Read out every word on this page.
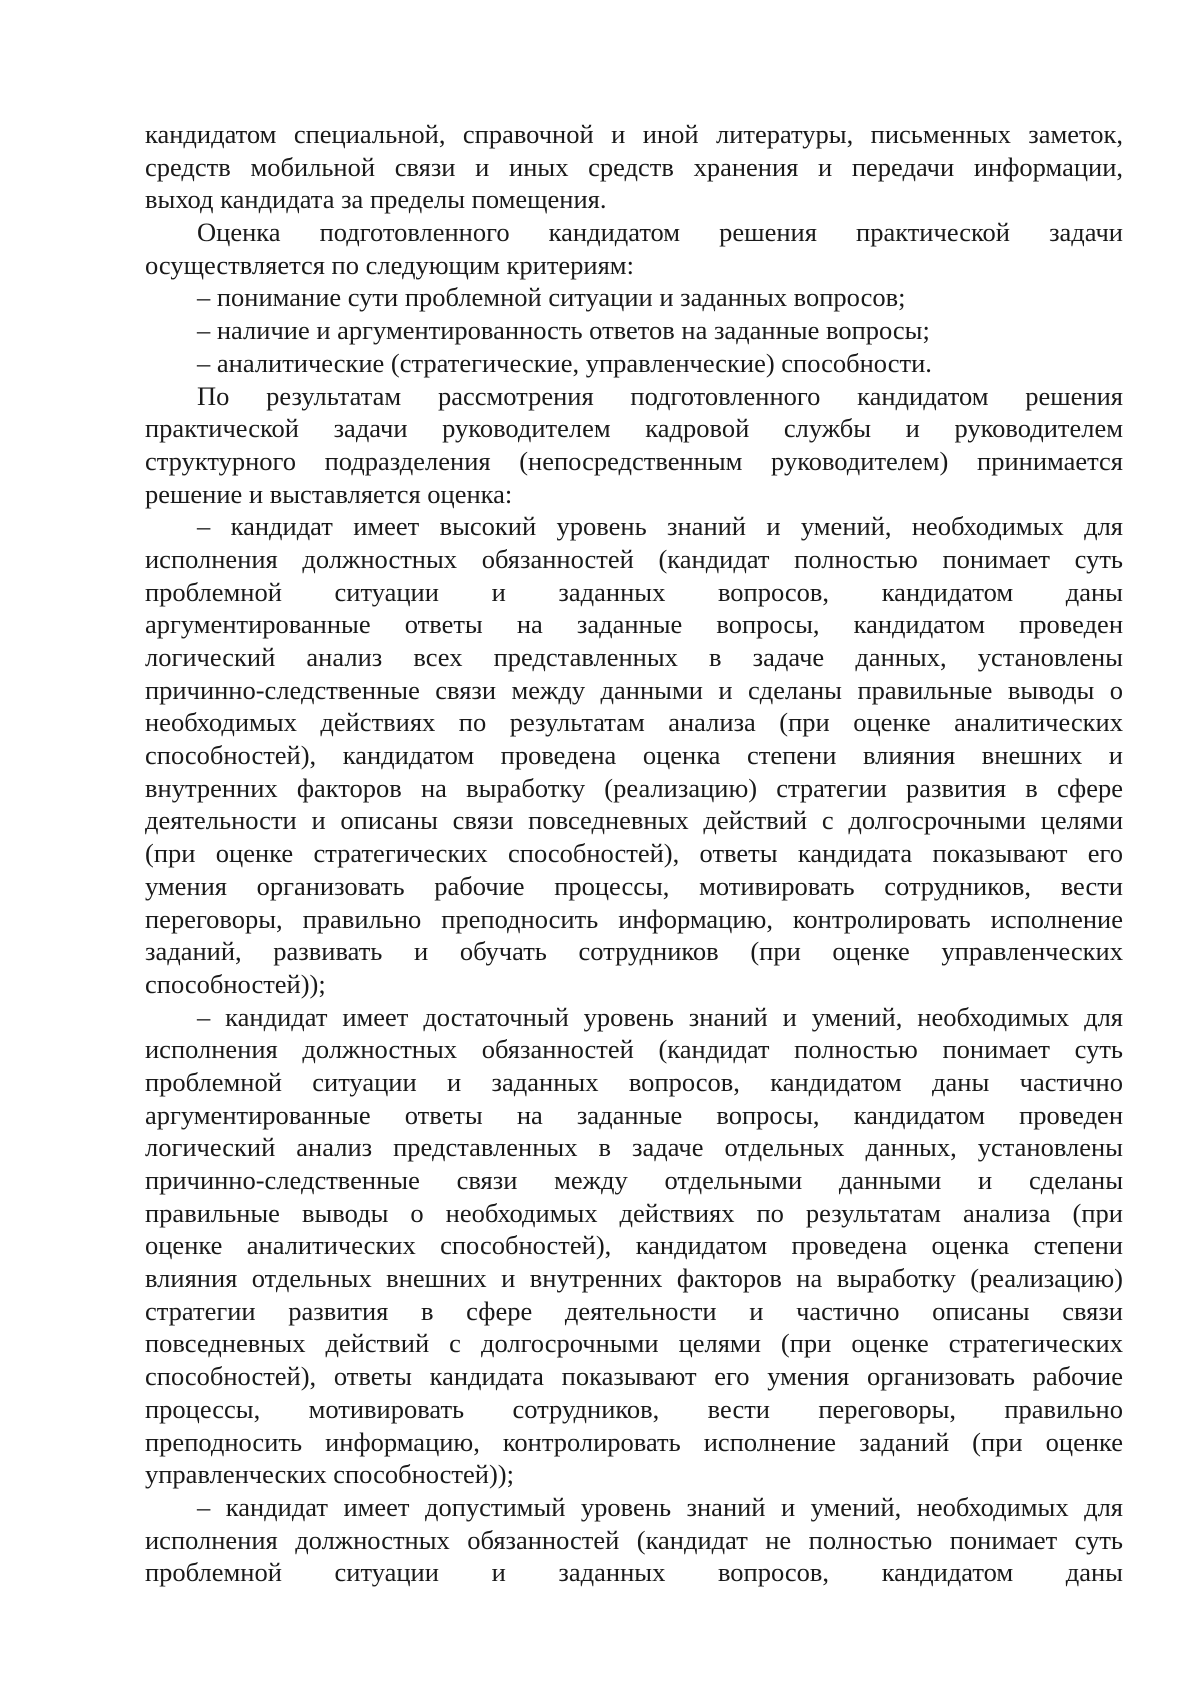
кандидатом специальной, справочной и иной литературы, письменных заметок,
средств мобильной связи и иных средств хранения и передачи информации,
выход кандидата за пределы помещения.
Оценка подготовленного кандидатом решения практической задачи
осуществляется по следующим критериям:
– понимание сути проблемной ситуации и заданных вопросов;
– наличие и аргументированность ответов на заданные вопросы;
– аналитические (стратегические, управленческие) способности.
По результатам рассмотрения подготовленного кандидатом решения
практической задачи руководителем кадровой службы и руководителем
структурного подразделения (непосредственным руководителем) принимается
решение и выставляется оценка:
– кандидат имеет высокий уровень знаний и умений, необходимых для
исполнения должностных обязанностей (кандидат полностью понимает суть
проблемной ситуации и заданных вопросов, кандидатом даны
аргументированные ответы на заданные вопросы, кандидатом проведен
логический анализ всех представленных в задаче данных, установлены
причинно-следственные связи между данными и сделаны правильные выводы о
необходимых действиях по результатам анализа (при оценке аналитических
способностей), кандидатом проведена оценка степени влияния внешних и
внутренних факторов на выработку (реализацию) стратегии развития в сфере
деятельности и описаны связи повседневных действий с долгосрочными целями
(при оценке стратегических способностей), ответы кандидата показывают его
умения организовать рабочие процессы, мотивировать сотрудников, вести
переговоры, правильно преподносить информацию, контролировать исполнение
заданий, развивать и обучать сотрудников (при оценке управленческих
способностей));
– кандидат имеет достаточный уровень знаний и умений, необходимых для
исполнения должностных обязанностей (кандидат полностью понимает суть
проблемной ситуации и заданных вопросов, кандидатом даны частично
аргументированные ответы на заданные вопросы, кандидатом проведен
логический анализ представленных в задаче отдельных данных, установлены
причинно-следственные связи между отдельными данными и сделаны
правильные выводы о необходимых действиях по результатам анализа (при
оценке аналитических способностей), кандидатом проведена оценка степени
влияния отдельных внешних и внутренних факторов на выработку (реализацию)
стратегии развития в сфере деятельности и частично описаны связи
повседневных действий с долгосрочными целями (при оценке стратегических
способностей), ответы кандидата показывают его умения организовать рабочие
процессы, мотивировать сотрудников, вести переговоры, правильно
преподносить информацию, контролировать исполнение заданий (при оценке
управленческих способностей));
– кандидат имеет допустимый уровень знаний и умений, необходимых для
исполнения должностных обязанностей (кандидат не полностью понимает суть
проблемной ситуации и заданных вопросов, кандидатом даны
